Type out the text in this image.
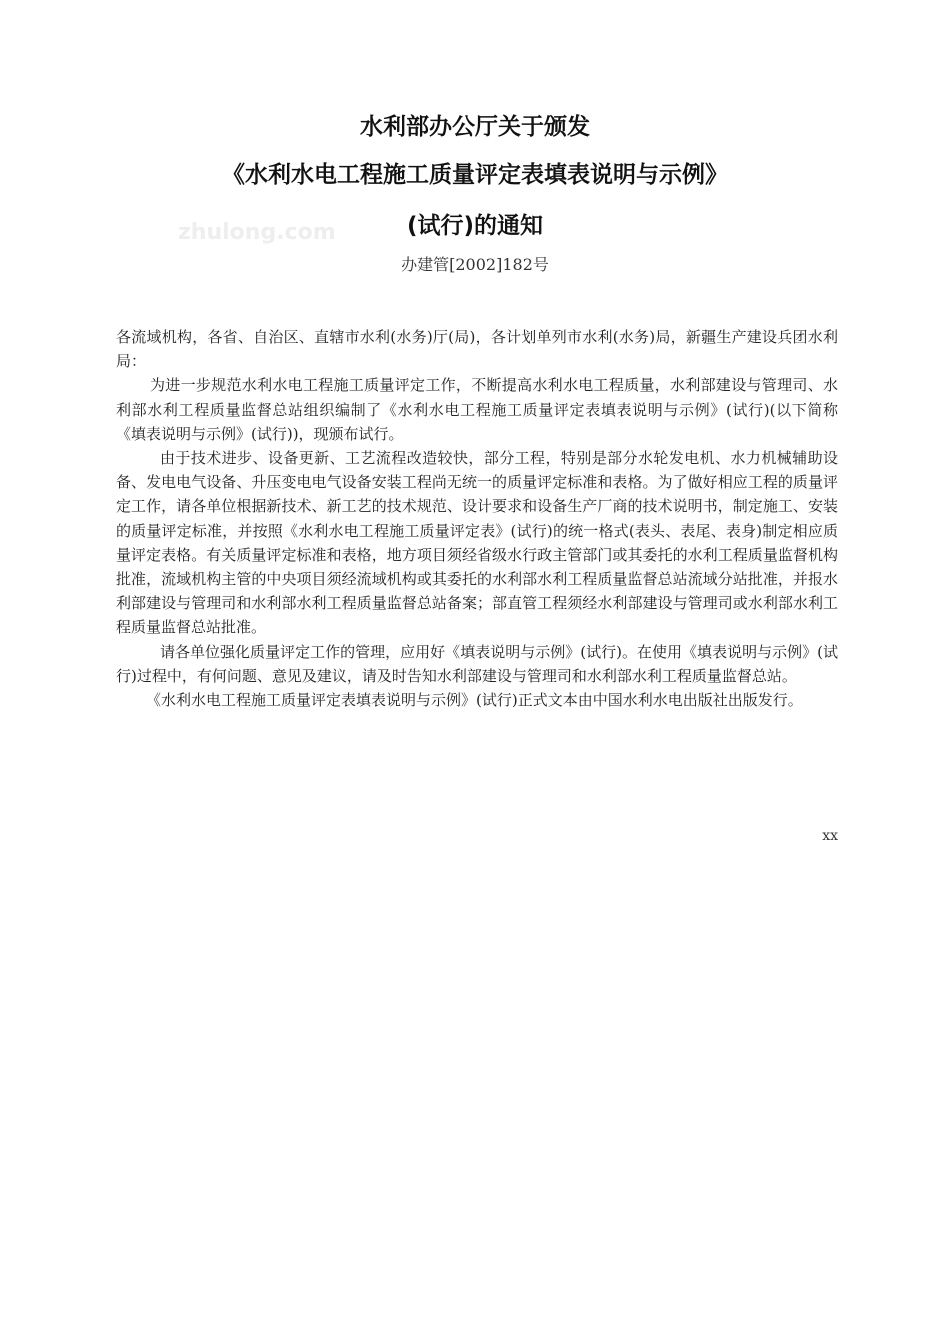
水利部办公厅关于颁发
《水利水电工程施工质量评定表填表说明与示例》
zhulong.com	(试行)的通知
办建管[2002]182号

各流域机构，各省、自治区、直辖市水利(水务)厅(局)，各计划单列市水利(水务)局，新疆生产建设兵团水利局：

为进一步规范水利水电工程施工质量评定工作，不断提高水利水电工程质量，水利部建设与管理司、水利部水利工程质量监督总站组织编制了《水利水电工程施工质量评定表填表说明与示例》(试行)(以下简称《填表说明与示例》(试行))，现颁布试行。

由于技术进步、设备更新、工艺流程改造较快，部分工程，特别是部分水轮发电机、水力机械辅助设备、发电电气设备、升压变电电气设备安装工程尚无统一的质量评定标准和表格。为了做好相应工程的质量评定工作，请各单位根据新技术、新工艺的技术规范、设计要求和设备生产厂商的技术说明书，制定施工、安装的质量评定标准，并按照《水利水电工程施工质量评定表》(试行)的统一格式(表头、表尾、表身)制定相应质量评定表格。有关质量评定标准和表格，地方项目须经省级水行政主管部门或其委托的水利工程质量监督机构批准，流域机构主管的中央项目须经流域机构或其委托的水利部水利工程质量监督总站流域分站批准，并报水利部建设与管理司和水利部水利工程质量监督总站备案；部直管工程须经水利部建设与管理司或水利部水利工程质量监督总站批准。

请各单位强化质量评定工作的管理，应用好《填表说明与示例》(试行)。在使用《填表说明与示例》(试行)过程中，有何问题、意见及建议，请及时告知水利部建设与管理司和水利部水利工程质量监督总站。

《水利水电工程施工质量评定表填表说明与示例》(试行)正式文本由中国水利水电出版社出版发行。

xx
